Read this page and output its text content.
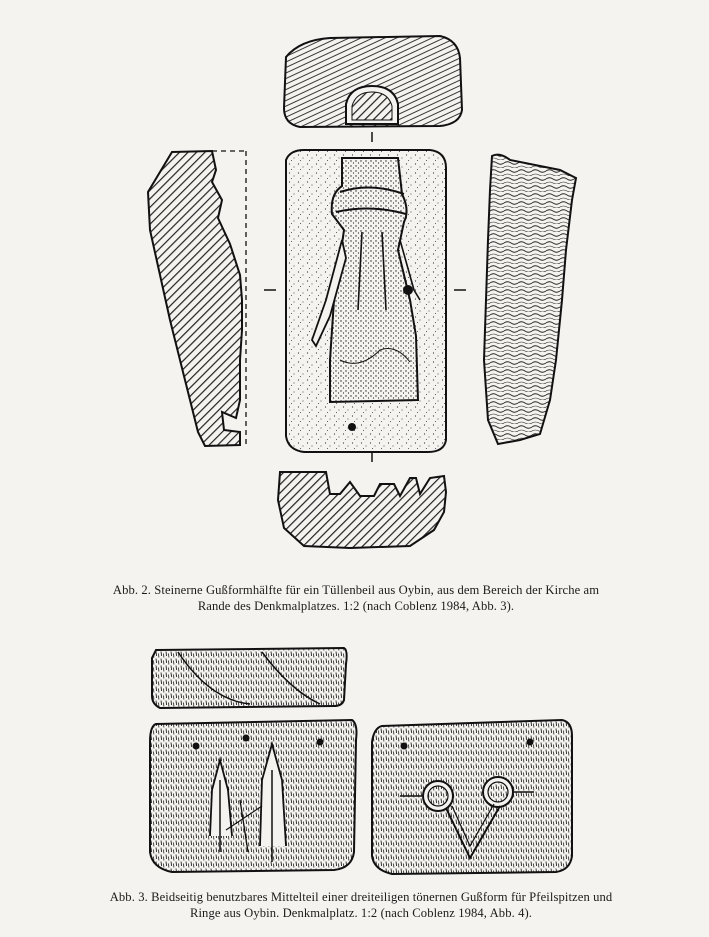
Abb. 2. Steinerne Gußformhälfte für ein Tüllenbeil aus Oybin, aus dem Bereich der Kirche am
Rande des Denkmalplatzes. 1:2 (nach Coblenz 1984, Abb. 3).
Abb. 3. Beidseitig benutzbares Mittelteil einer dreiteiligen tönernen Gußform für Pfeilspitzen und
Ringe aus Oybin. Denkmalplatz. 1:2 (nach Coblenz 1984, Abb. 4).
